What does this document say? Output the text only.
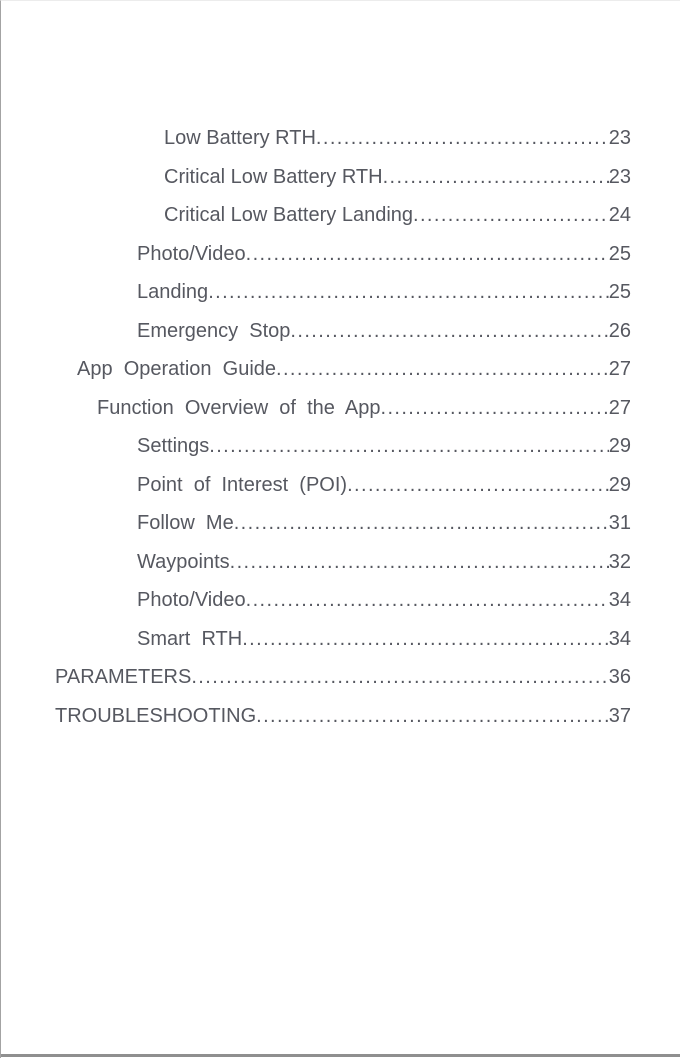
Low Battery RTH .....	23
Critical Low Battery RTH .....	23
Critical Low Battery Landing .....	24
Photo/Video .....	25
Landing .....	25
Emergency  Stop .....	26
App  Operation  Guide .....	27
Function  Overview  of  the  App .....	27
Settings .....	29
Point  of  Interest  (POI) .....	29
Follow  Me .....	31
Waypoints .....	32
Photo/Video .....	34
Smart  RTH .....	34
PARAMETERS .....	36
TROUBLESHOOTING .....	37
